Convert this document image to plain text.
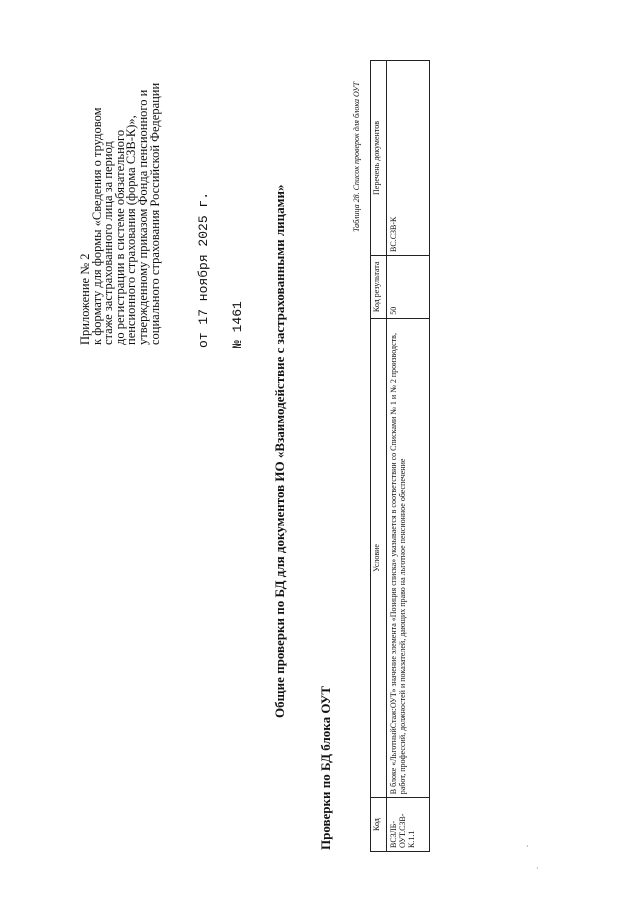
Приложение № 2
к формату для формы «Сведения о трудовом
стаже застрахованного лица за период
до регистрации в системе обязательного
пенсионного страхования (форма СЗВ-К)»,
утвержденному приказом Фонда пенсионного и
социального страхования Российской Федерации	от 17 ноября 2025 г. № 1461 Общие проверки по БД для документов ИО «Взаимодействие с застрахованными лицами»
Проверки по БД блока ОУТ
Таблица 28. Список проверок для блока ОУТ
Код	Условие	Код результата	Перечень документов
ВСЗЛБ-ОУТ.СЗВ-К.1.1	В блоке «ЛьготныйСтаж:ОУТ» значение элемента «Позиция списка» указывается в соответствии со Списками № 1 и № 2 производств, работ, профессий, должностей и показателей, дающих право на льготное пенсионное обеспечение	50	ВС.СЗВ-К
·
·
